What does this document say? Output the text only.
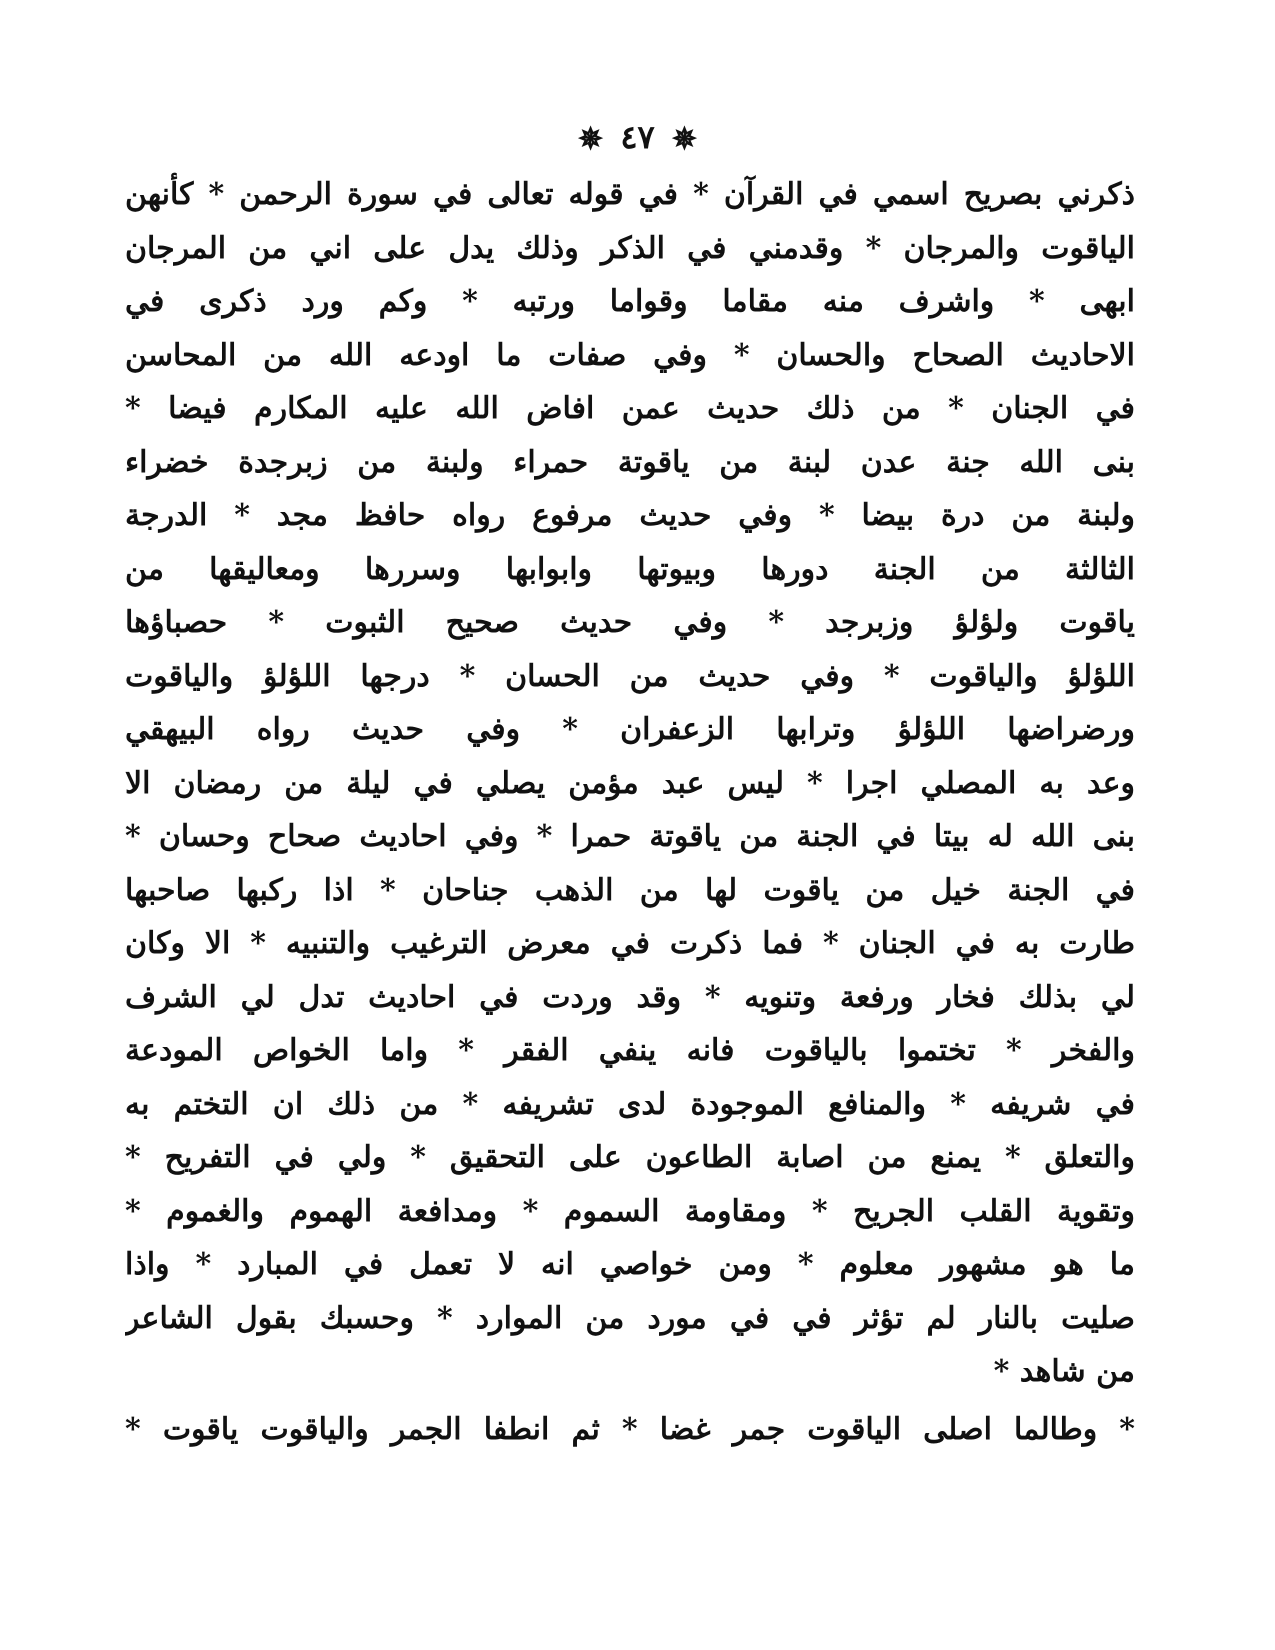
✵ ٤٧ ✵
ذكرني بصريح اسمي في القرآن * في قوله تعالى في سورة الرحمن * كأنهن
الياقوت والمرجان * وقدمني في الذكر وذلك يدل على اني من المرجان
ابهى * واشرف منه مقاما وقواما ورتبه * وكم ورد ذكرى في
الاحاديث الصحاح والحسان * وفي صفات ما اودعه الله من المحاسن
في الجنان * من ذلك حديث عمن افاض الله عليه المكارم فيضا *
بنى الله جنة عدن لبنة من ياقوتة حمراء ولبنة من زبرجدة خضراء
ولبنة من درة بيضا * وفي حديث مرفوع رواه حافظ مجد * الدرجة
الثالثة من الجنة دورها وبيوتها وابوابها وسررها ومعاليقها من
ياقوت ولؤلؤ وزبرجد * وفي حديث صحيح الثبوت * حصباؤها
اللؤلؤ والياقوت * وفي حديث من الحسان * درجها اللؤلؤ والياقوت
ورضراضها اللؤلؤ وترابها الزعفران * وفي حديث رواه البيهقي
وعد به المصلي اجرا * ليس عبد مؤمن يصلي في ليلة من رمضان الا
بنى الله له بيتا في الجنة من ياقوتة حمرا * وفي احاديث صحاح وحسان *
في الجنة خيل من ياقوت لها من الذهب جناحان * اذا ركبها صاحبها
طارت به في الجنان * فما ذكرت في معرض الترغيب والتنبيه * الا وكان
لي بذلك فخار ورفعة وتنويه * وقد وردت في احاديث تدل لي الشرف
والفخر * تختموا بالياقوت فانه ينفي الفقر * واما الخواص المودعة
في شريفه * والمنافع الموجودة لدى تشريفه * من ذلك ان التختم به
والتعلق * يمنع من اصابة الطاعون على التحقيق * ولي في التفريح *
وتقوية القلب الجريح * ومقاومة السموم * ومدافعة الهموم والغموم *
ما هو مشهور معلوم * ومن خواصي انه لا تعمل في المبارد * واذا
صليت بالنار لم تؤثر في في مورد من الموارد * وحسبك بقول الشاعر
من شاهد *
* وطالما اصلى الياقوت جمر غضا * ثم انطفا الجمر والياقوت ياقوت *
